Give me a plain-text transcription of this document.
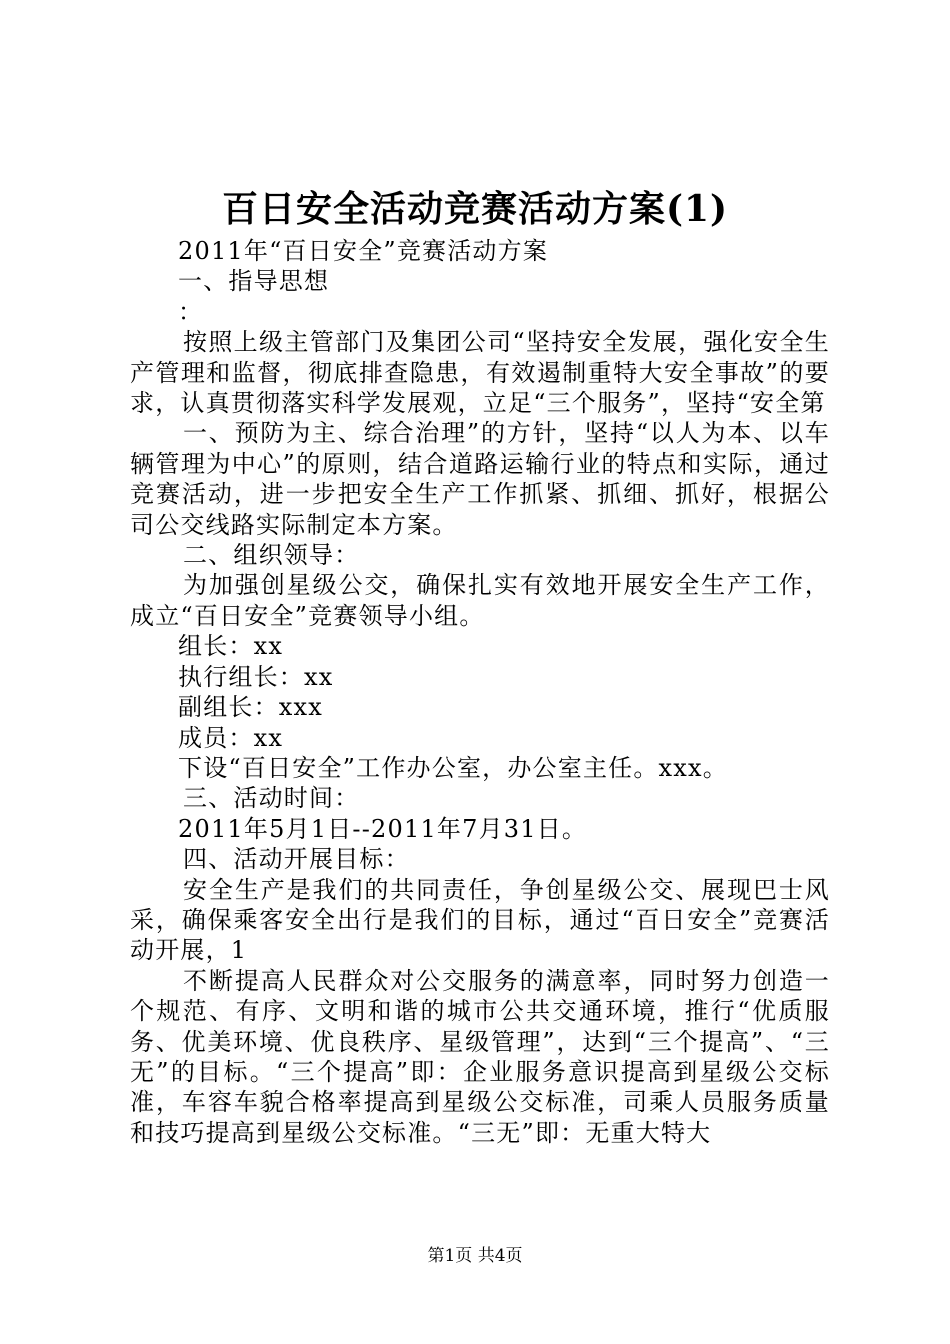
百日安全活动竞赛活动方案(1)

2011年“百日安全”竞赛活动方案

一、指导思想

：

按照上级主管部门及集团公司“坚持安全发展，强化安全生产管理和监督，彻底排查隐患，有效遏制重特大安全事故”的要求，认真贯彻落实科学发展观，立足“三个服务”，坚持“安全第

一、预防为主、综合治理”的方针，坚持“以人为本、以车辆管理为中心”的原则，结合道路运输行业的特点和实际，通过竞赛活动，进一步把安全生产工作抓紧、抓细、抓好，根据公司公交线路实际制定本方案。

二、组织领导：

为加强创星级公交，确保扎实有效地开展安全生产工作，成立“百日安全”竞赛领导小组。

组长：xx

执行组长：xx

副组长：xxx

成员：xx

下设“百日安全”工作办公室，办公室主任。xxx。

三、活动时间：

2011年5月1日--2011年7月31日。

四、活动开展目标：

安全生产是我们的共同责任，争创星级公交、展现巴士风采，确保乘客安全出行是我们的目标，通过“百日安全”竞赛活动开展，1

不断提高人民群众对公交服务的满意率，同时努力创造一个规范、有序、文明和谐的城市公共交通环境，推行“优质服务、优美环境、优良秩序、星级管理”，达到“三个提高”、“三无”的目标。“三个提高”即：企业服务意识提高到星级公交标准，车容车貌合格率提高到星级公交标准，司乘人员服务质量和技巧提高到星级公交标准。“三无”即：无重大特大

第1页 共4页
